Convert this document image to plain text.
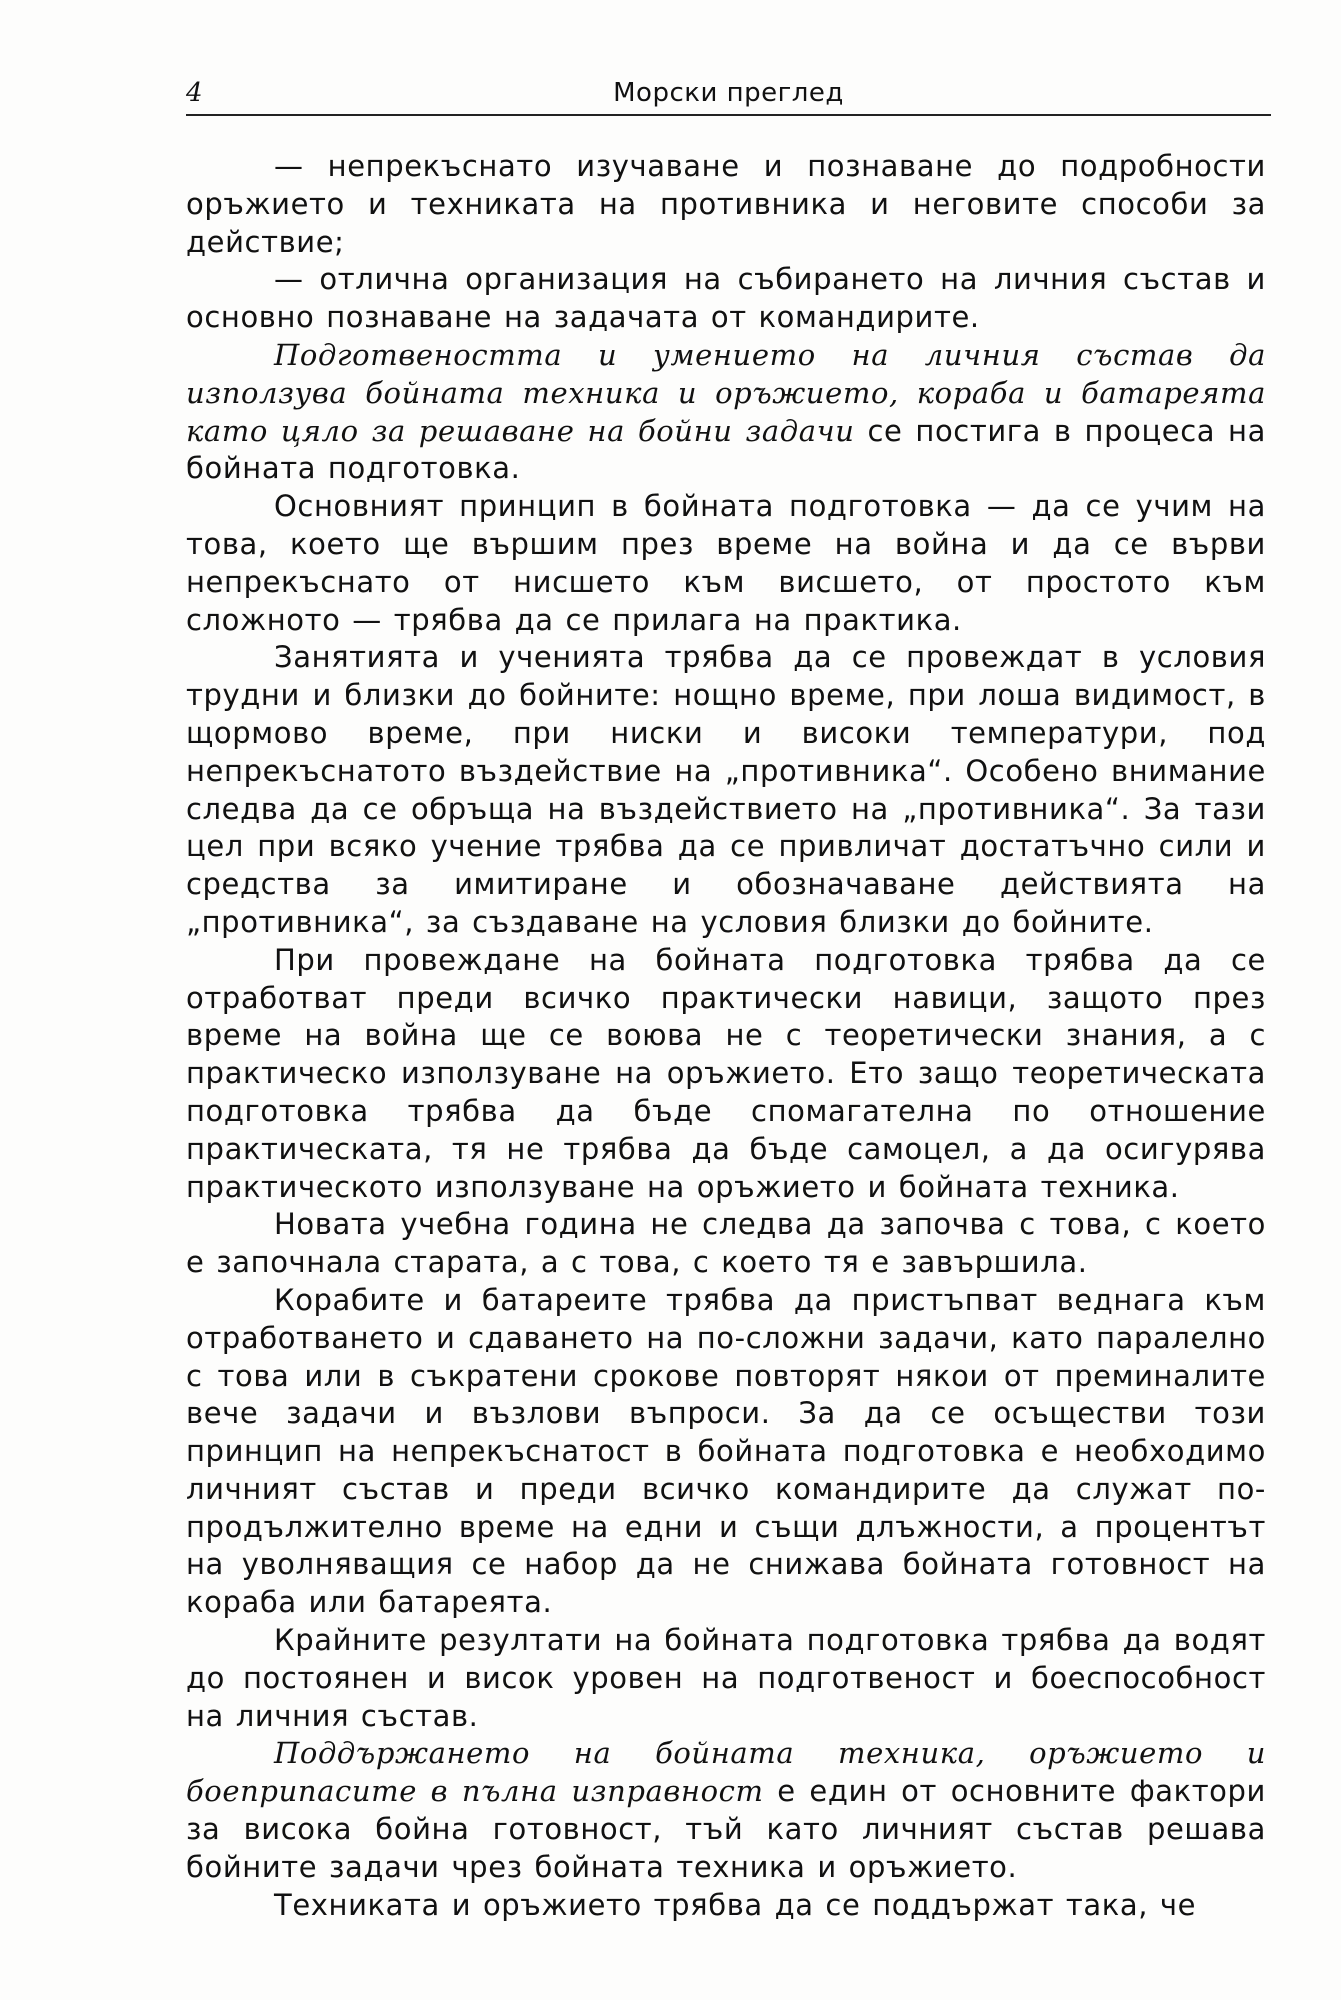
4	Морски преглед

— непрекъснато изучаване и познаване до подробности оръжието и техниката на противника и неговите способи за действие;

— отлична организация на събирането на личния състав и основно познаване на задачата от командирите.

Подготвеността и умението на личния състав да използува бойната техника и оръжието, кораба и батареята като цяло за решаване на бойни задачи се постига в процеса на бойната подготовка.

Основният принцип в бойната подготовка — да се учим на това, което ще вършим през време на война и да се върви непрекъснато от нисшето към висшето, от простото към сложното — трябва да се прилага на практика.

Занятията и ученията трябва да се провеждат в условия трудни и близки до бойните: нощно време, при лоша видимост, в щормово време, при ниски и високи температури, под непрекъснатото въздействие на „противника“. Особено внимание следва да се обръща на въздействието на „противника“. За тази цел при всяко учение трябва да се привличат достатъчно сили и средства за имитиране и обозначаване действията на „противника“, за създаване на условия близки до бойните.

При провеждане на бойната подготовка трябва да се отработват преди всичко практически навици, защото през време на война ще се воюва не с теоретически знания, а с практическо използуване на оръжието. Ето защо теоретическата подготовка трябва да бъде спомагателна по отношение практическата, тя не трябва да бъде самоцел, а да осигурява практическото използуване на оръжието и бойната техника.

Новата учебна година не следва да започва с това, с което е започнала старата, а с това, с което тя е завършила.

Корабите и батареите трябва да пристъпват веднага към отработването и сдаването на по-сложни задачи, като паралелно с това или в съкратени срокове повторят някои от преминалите вече задачи и възлови въпроси. За да се осъществи този принцип на непрекъснатост в бойната подготовка е необходимо личният състав и преди всичко командирите да служат по-продължително време на едни и същи длъжности, а процентът на уволняващия се набор да не снижава бойната готовност на кораба или батареята.

Крайните резултати на бойната подготовка трябва да водят до постоянен и висок уровен на подготвеност и боеспособност на личния състав.

Поддържането на бойната техника, оръжието и боеприпасите в пълна изправност е един от основните фактори за висока бойна готовност, тъй като личният състав решава бойните задачи чрез бойната техника и оръжието.

Техниката и оръжието трябва да се поддържат така, че
